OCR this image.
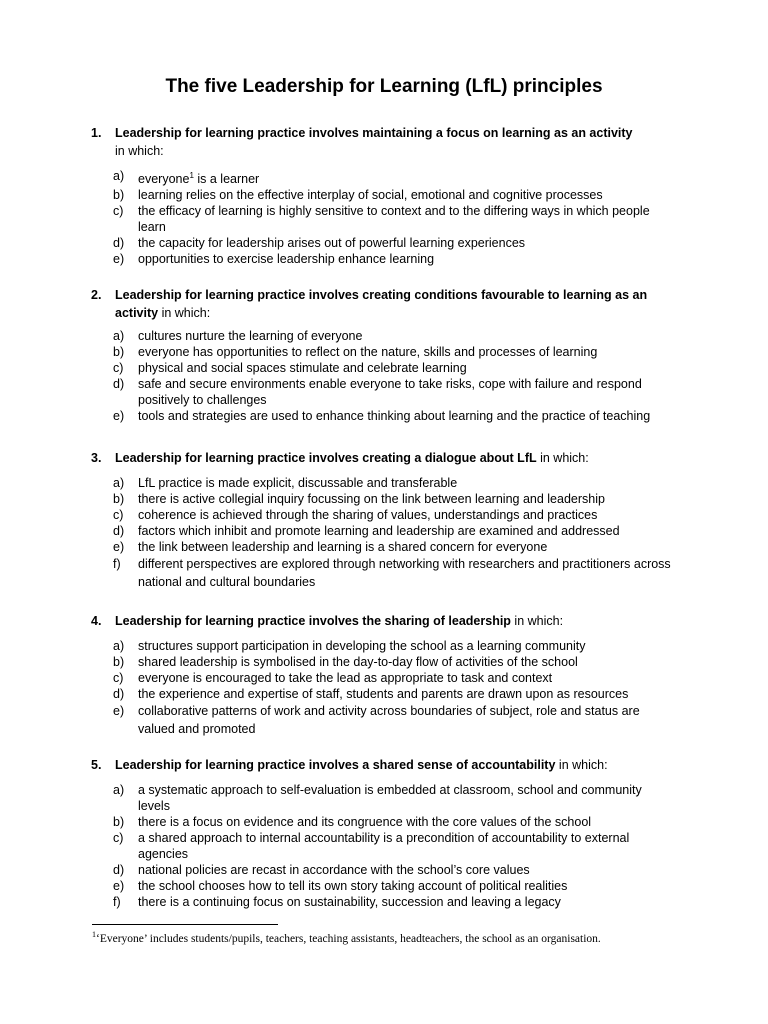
The five Leadership for Learning (LfL) principles
1. Leadership for learning practice involves maintaining a focus on learning as an activity
in which:
a) everyone$^1$ is a learner
b) learning relies on the effective interplay of social, emotional and cognitive processes
c) the efficacy of learning is highly sensitive to context and to the differing ways in which people learn
d) the capacity for leadership arises out of powerful learning experiences
e) opportunities to exercise leadership enhance learning
2. Leadership for learning practice involves creating conditions favourable to learning as an activity in which:
a) cultures nurture the learning of everyone
b) everyone has opportunities to reflect on the nature, skills and processes of learning
c) physical and social spaces stimulate and celebrate learning
d) safe and secure environments enable everyone to take risks, cope with failure and respond positively to challenges
e) tools and strategies are used to enhance thinking about learning and the practice of teaching
3. Leadership for learning practice involves creating a dialogue about LfL in which:
a) LfL practice is made explicit, discussable and transferable
b) there is active collegial inquiry focussing on the link between learning and leadership
c) coherence is achieved through the sharing of values, understandings and practices
d) factors which inhibit and promote learning and leadership are examined and addressed
e) the link between leadership and learning is a shared concern for everyone
f) different perspectives are explored through networking with researchers and practitioners across national and cultural boundaries
4. Leadership for learning practice involves the sharing of leadership in which:
a) structures support participation in developing the school as a learning community
b) shared leadership is symbolised in the day-to-day flow of activities of the school
c) everyone is encouraged to take the lead as appropriate to task and context
d) the experience and expertise of staff, students and parents are drawn upon as resources
e) collaborative patterns of work and activity across boundaries of subject, role and status are valued and promoted
5. Leadership for learning practice involves a shared sense of accountability in which:
a) a systematic approach to self-evaluation is embedded at classroom, school and community levels
b) there is a focus on evidence and its congruence with the core values of the school
c) a shared approach to internal accountability is a precondition of accountability to external agencies
d) national policies are recast in accordance with the school’s core values
e) the school chooses how to tell its own story taking account of political realities
f) there is a continuing focus on sustainability, succession and leaving a legacy
$^1$‘Everyone’ includes students/pupils, teachers, teaching assistants, headteachers, the school as an organisation.
